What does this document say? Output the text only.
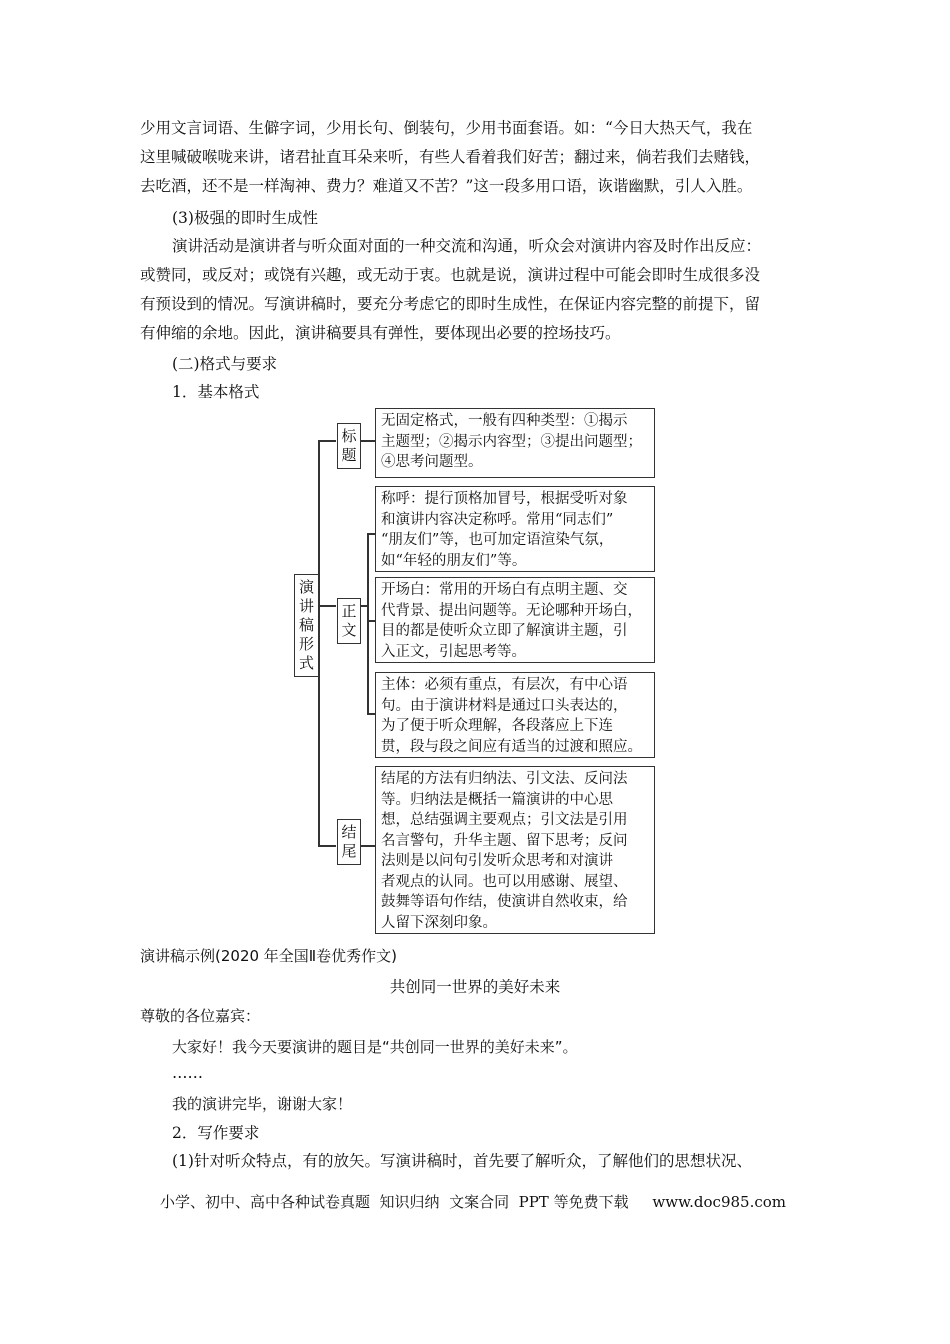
少用文言词语、生僻字词，少用长句、倒装句，少用书面套语。如：“今日大热天气，我在
这里喊破喉咙来讲，诸君扯直耳朵来听，有些人看着我们好苦；翻过来，倘若我们去赌钱，
去吃酒，还不是一样淘神、费力？难道又不苦？”这一段多用口语，诙谐幽默，引人入胜。
(3)极强的即时生成性
演讲活动是演讲者与听众面对面的一种交流和沟通，听众会对演讲内容及时作出反应：
或赞同，或反对；或饶有兴趣，或无动于衷。也就是说，演讲过程中可能会即时生成很多没
有预设到的情况。写演讲稿时，要充分考虑它的即时生成性，在保证内容完整的前提下，留
有伸缩的余地。因此，演讲稿要具有弹性，要体现出必要的控场技巧。
(二)格式与要求
1．基本格式
演
讲
稿
形
式
标
题
正
文
结
尾
无固定格式，一般有四种类型：①揭示
主题型；②揭示内容型；③提出问题型；
④思考问题型。
称呼：提行顶格加冒号，根据受听对象
和演讲内容决定称呼。常用“同志们”
“朋友们”等，也可加定语渲染气氛，
如“年轻的朋友们”等。
开场白：常用的开场白有点明主题、交
代背景、提出问题等。无论哪种开场白，
目的都是使听众立即了解演讲主题，引
入正文，引起思考等。
主体：必须有重点，有层次，有中心语
句。由于演讲材料是通过口头表达的，
为了便于听众理解，各段落应上下连
贯，段与段之间应有适当的过渡和照应。
结尾的方法有归纳法、引文法、反问法
等。归纳法是概括一篇演讲的中心思
想，总结强调主要观点；引文法是引用
名言警句，升华主题、留下思考；反问
法则是以问句引发听众思考和对演讲
者观点的认同。也可以用感谢、展望、
鼓舞等语句作结，使演讲自然收束，给
人留下深刻印象。
演讲稿示例(2020 年全国Ⅱ卷优秀作文)
共创同一世界的美好未来
尊敬的各位嘉宾：
大家好！我今天要演讲的题目是“共创同一世界的美好未来”。
……
我的演讲完毕，谢谢大家！
2．写作要求
(1)针对听众特点，有的放矢。写演讲稿时，首先要了解听众，了解他们的思想状况、
小学、初中、高中各种试卷真题  知识归纳  文案合同  PPT 等免费下载     www.doc985.com
